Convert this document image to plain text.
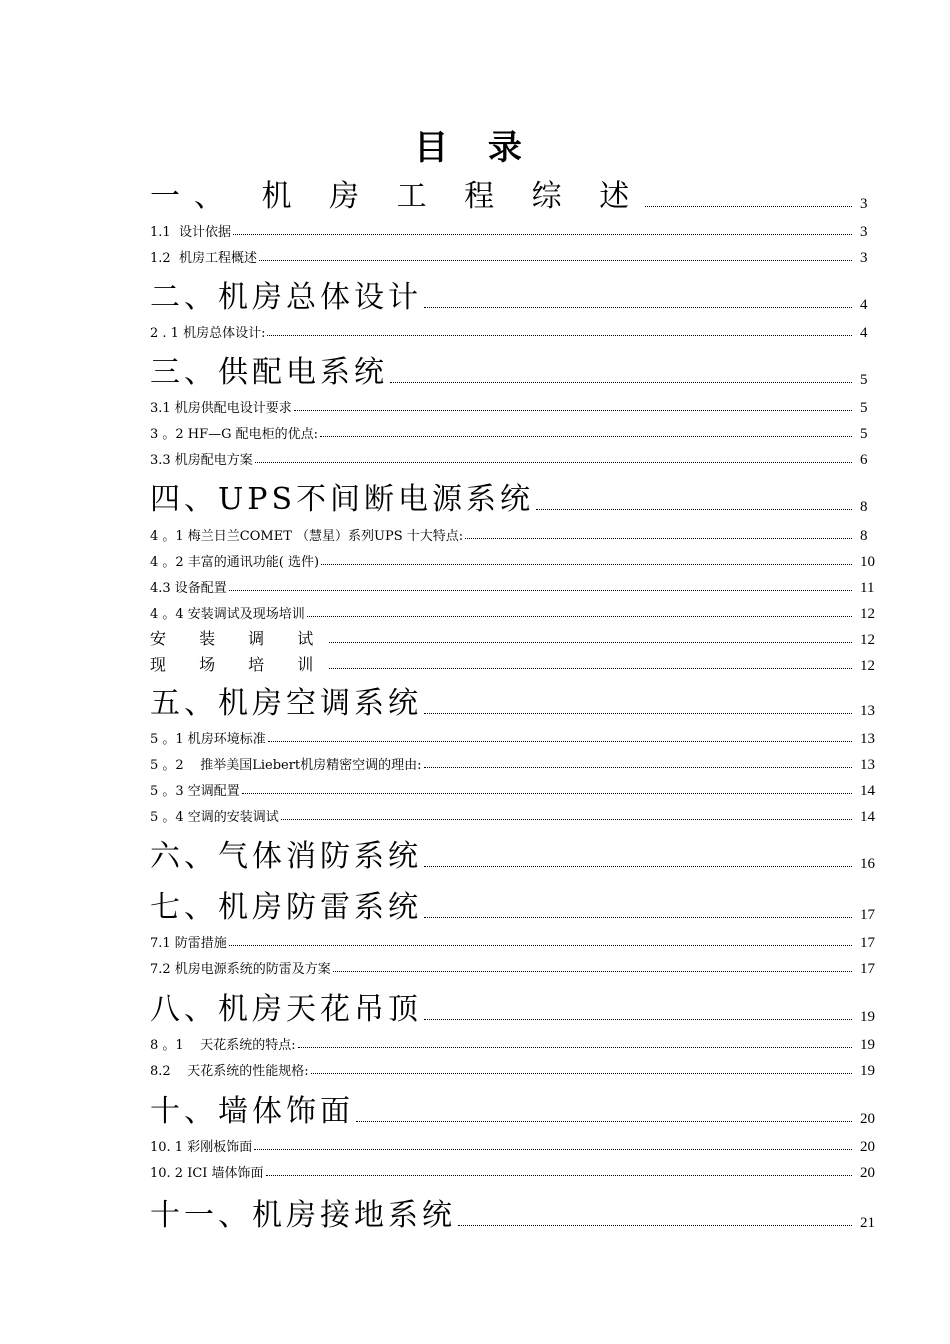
目 录
一、 机 房 工 程 综 述	3
1.1  设计依据	3
1.2  机房工程概述	3
二、机房总体设计	4
2 . 1 机房总体设计:	4
三、供配电系统	5
3.1 机房供配电设计要求	5
3 。2 HF—G 配电柜的优点:	5
3.3 机房配电方案	6
四、UPS不间断电源系统	8
4 。1 梅兰日兰COMET （慧星）系列UPS 十大特点:	8
4 。2 丰富的通讯功能( 选件)	10
4.3 设备配置	11
4 。4 安装调试及现场培训	12
安 装 调 试	12
现 场 培 训	12
五、机房空调系统	13
5 。1 机房环境标准	13
5 。2    推举美国Liebert机房精密空调的理由:	13
5 。3 空调配置	14
5 。4 空调的安装调试	14
六、气体消防系统	16
七、机房防雷系统	17
7.1 防雷措施	17
7.2 机房电源系统的防雷及方案	17
八、机房天花吊顶	19
8 。1    天花系统的特点:	19
8.2    天花系统的性能规格:	19
十、墙体饰面	20
10. 1 彩刚板饰面	20
10. 2 ICI 墙体饰面	20
十一、机房接地系统	21
